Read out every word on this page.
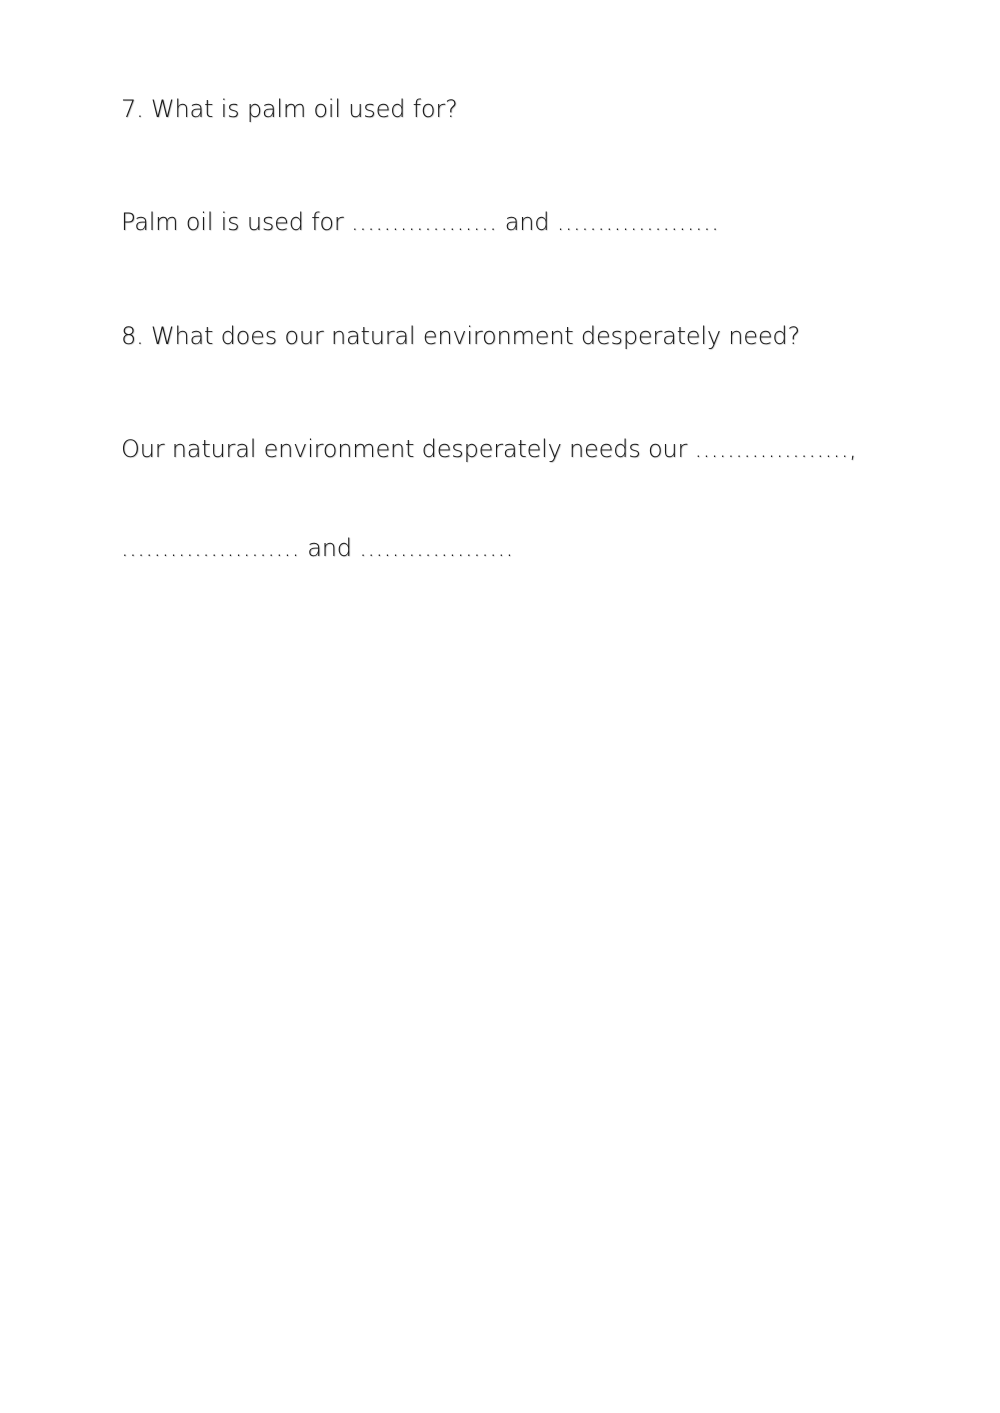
7. What is palm oil used for?
Palm oil is used for .................. and ....................
8. What does our natural environment desperately need?
Our natural environment desperately needs our ...................,
...................... and ...................
